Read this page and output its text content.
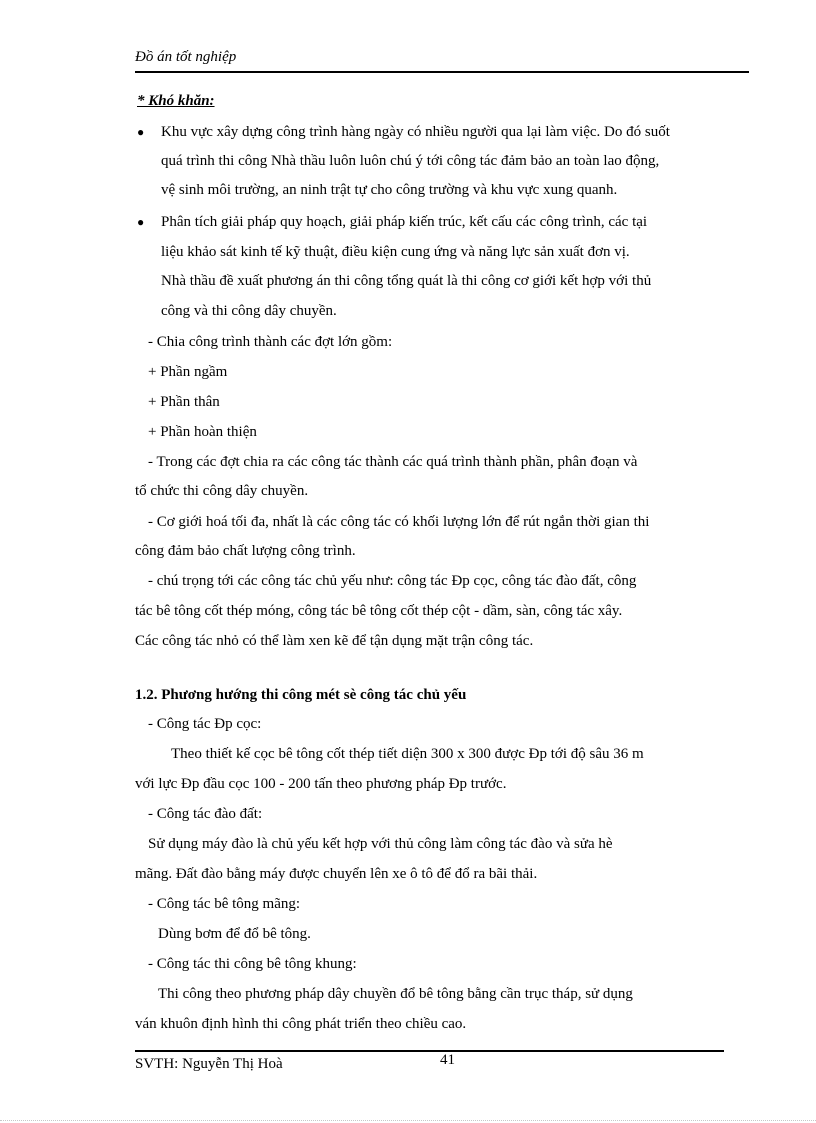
Đồ án tốt nghiệp
* Khó khăn:
● Khu vực xây dựng công trình hàng ngày có nhiều người qua lại làm việc. Do đó suốt
quá trình thi công Nhà thầu luôn luôn chú ý tới công tác đảm bảo an toàn lao động,
vệ sinh môi trường, an ninh trật tự cho công trường và khu vực xung quanh.
● Phân tích giải pháp quy hoạch, giải pháp kiến trúc, kết cấu các công trình, các tại
liệu khảo sát kinh tế kỹ thuật, điều kiện cung ứng và năng lực sản xuất đơn vị.
Nhà thầu đề xuất phương án thi công tổng quát là thi công cơ giới kết hợp với thủ
công và thi công dây chuyền.
- Chia công trình thành các đợt lớn gồm:
+ Phần ngầm
+ Phần thân
+ Phần hoàn thiện
- Trong các đợt chia ra các công tác thành các quá trình thành phần, phân đoạn và
tổ chức thi công dây chuyền.
- Cơ giới hoá tối đa, nhất là các công tác có khối lượng lớn để rút ngắn thời gian thi
công đảm bảo chất lượng công trình.
- chú trọng tới các công tác chủ yếu như: công tác Ðp cọc, công tác đào đất, công
tác bê tông cốt thép móng, công tác bê tông cốt thép cột - dầm, sàn, công tác xây.
Các công tác nhỏ có thể làm xen kẽ để tận dụng mặt trận công tác.
1.2. Phương hướng thi công mét sè công tác chủ yếu
- Công tác Ðp cọc:
Theo thiết kế cọc bê tông cốt thép tiết diện 300 x 300 được Ðp tới độ sâu 36 m
với lực Ðp đầu cọc 100 - 200 tấn theo phương pháp Ðp trước.
- Công tác đào đất:
Sử dụng máy đào là chủ yếu kết hợp với thủ công làm công tác đào và sửa hè
mãng. Ðất đào bằng máy được chuyển lên xe ô tô để đổ ra bãi thải.
- Công tác bê tông mãng:
Dùng bơm để đổ bê tông.
- Công tác thi công bê tông khung:
Thi công theo phương pháp dây chuyền đổ bê tông bằng cần trục tháp, sử dụng
ván khuôn định hình thi công phát triển theo chiều cao.
41
SVTH: Nguyễn Thị Hoà
